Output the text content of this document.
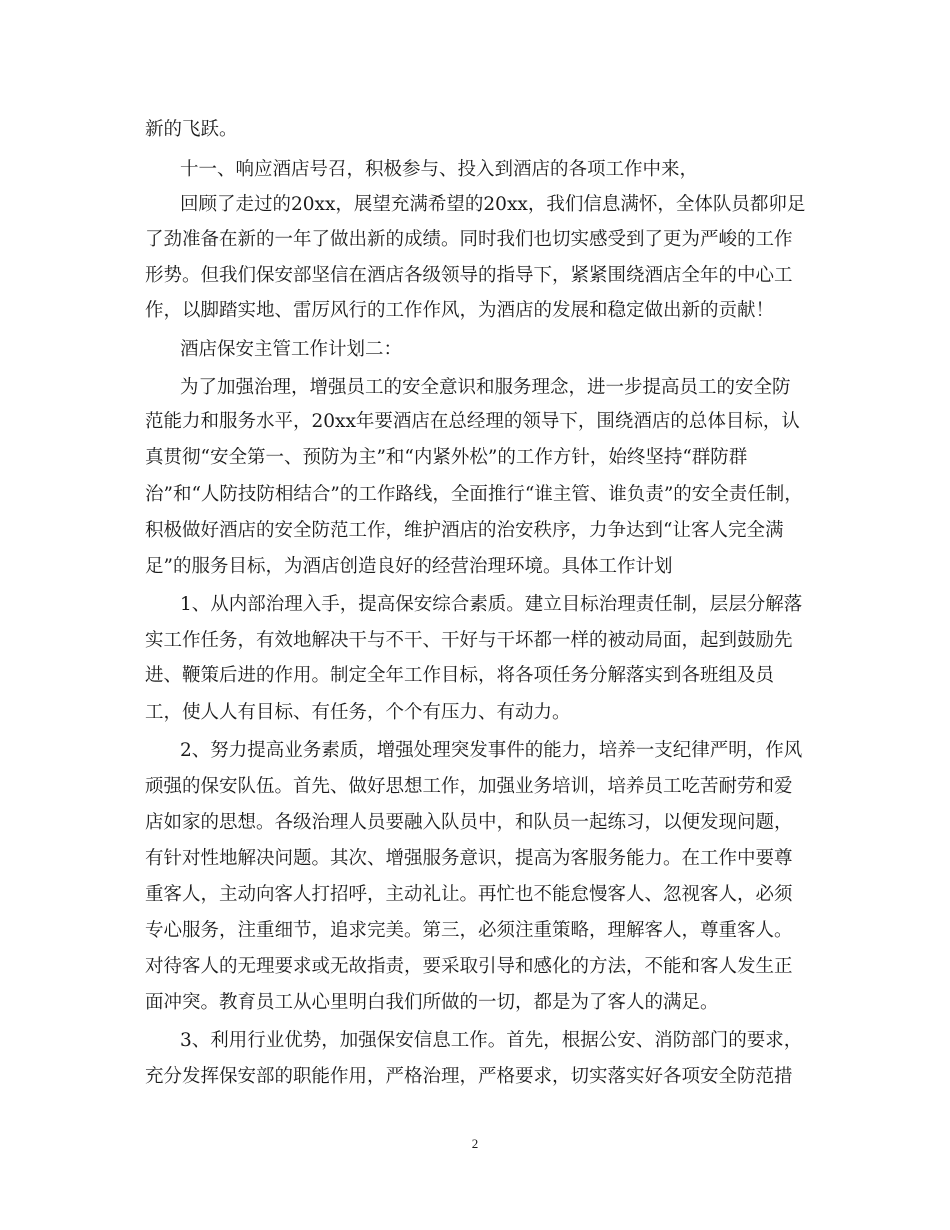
新的飞跃。
十一、响应酒店号召，积极参与、投入到酒店的各项工作中来，
回顾了走过的20xx，展望充满希望的20xx，我们信息满怀，全体队员都卯足
了劲准备在新的一年了做出新的成绩。同时我们也切实感受到了更为严峻的工作
形势。但我们保安部坚信在酒店各级领导的指导下，紧紧围绕酒店全年的中心工
作，以脚踏实地、雷厉风行的工作作风，为酒店的发展和稳定做出新的贡献！
酒店保安主管工作计划二：
为了加强治理，增强员工的安全意识和服务理念，进一步提高员工的安全防
范能力和服务水平，20xx年要酒店在总经理的领导下，围绕酒店的总体目标，认
真贯彻“安全第一、预防为主”和“内紧外松”的工作方针，始终坚持“群防群
治”和“人防技防相结合”的工作路线，全面推行“谁主管、谁负责”的安全责任制，
积极做好酒店的安全防范工作，维护酒店的治安秩序，力争达到“让客人完全满
足”的服务目标，为酒店创造良好的经营治理环境。具体工作计划
1、从内部治理入手，提高保安综合素质。建立目标治理责任制，层层分解落
实工作任务，有效地解决干与不干、干好与干坏都一样的被动局面，起到鼓励先
进、鞭策后进的作用。制定全年工作目标，将各项任务分解落实到各班组及员
工，使人人有目标、有任务，个个有压力、有动力。
2、努力提高业务素质，增强处理突发事件的能力，培养一支纪律严明，作风
顽强的保安队伍。首先、做好思想工作，加强业务培训，培养员工吃苦耐劳和爱
店如家的思想。各级治理人员要融入队员中，和队员一起练习，以便发现问题，
有针对性地解决问题。其次、增强服务意识，提高为客服务能力。在工作中要尊
重客人，主动向客人打招呼，主动礼让。再忙也不能怠慢客人、忽视客人，必须
专心服务，注重细节，追求完美。第三，必须注重策略，理解客人，尊重客人。
对待客人的无理要求或无故指责，要采取引导和感化的方法，不能和客人发生正
面冲突。教育员工从心里明白我们所做的一切，都是为了客人的满足。
3、利用行业优势，加强保安信息工作。首先，根据公安、消防部门的要求，
充分发挥保安部的职能作用，严格治理，严格要求，切实落实好各项安全防范措
2
